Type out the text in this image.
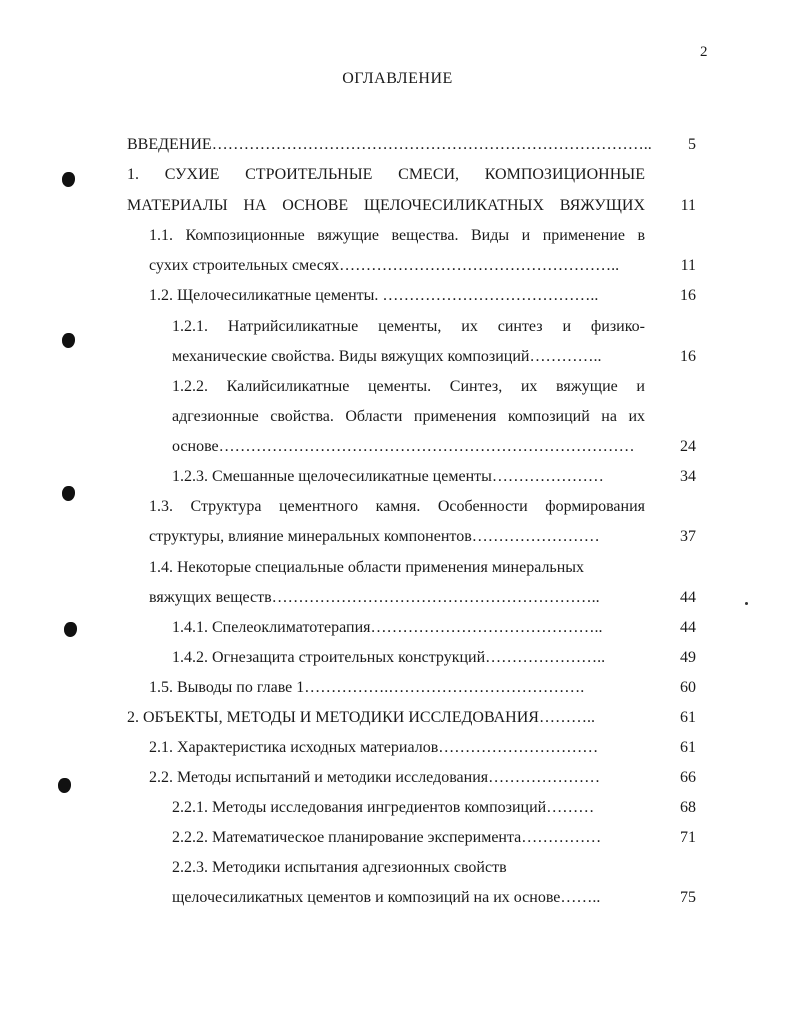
2
ОГЛАВЛЕНИЕ
ВВЕДЕНИЕ………………………………………………………………………..
1. СУХИЕ СТРОИТЕЛЬНЫЕ СМЕСИ, КОМПОЗИЦИОННЫЕ
МАТЕРИАЛЫ НА ОСНОВЕ ЩЕЛОЧЕСИЛИКАТНЫХ ВЯЖУЩИХ
1.1. Композиционные вяжущие вещества. Виды и применение в
сухих строительных смесях……………………………………………..
1.2. Щелочесиликатные цементы. …………………………………..
1.2.1. Натрийсиликатные цементы, их синтез и физико-
механические свойства. Виды вяжущих композиций…………..
1.2.2. Калийсиликатные цементы. Синтез, их вяжущие и
адгезионные свойства. Области применения композиций на их
основе……………………………………………………………………
1.2.3. Смешанные щелочесиликатные цементы…………………
1.3. Структура цементного камня. Особенности формирования
структуры, влияние минеральных компонентов……………………
1.4. Некоторые специальные области применения минеральных
вяжущих веществ……………………………………………………..
1.4.1. Спелеоклиматотерапия……………………………………..
1.4.2. Огнезащита строительных конструкций…………………..
1.5. Выводы по главе 1…………….……………………………….
2. ОБЪЕКТЫ, МЕТОДЫ И МЕТОДИКИ ИССЛЕДОВАНИЯ………..
2.1. Характеристика исходных материалов…………………………
2.2. Методы испытаний и методики исследования…………………
2.2.1. Методы исследования ингредиентов композиций………
2.2.2. Математическое планирование эксперимента……………
2.2.3. Методики испытания адгезионных свойств
щелочесиликатных цементов и композиций на их основе……..
5
11
11
16
16
24
34
37
44
44
49
60
61
61
66
68
71
75
